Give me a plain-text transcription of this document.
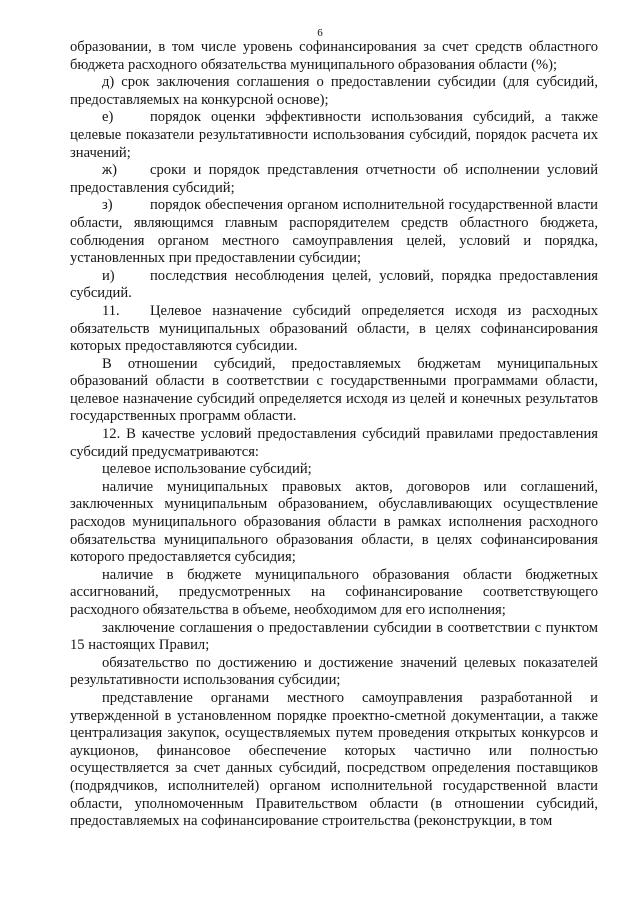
6

образовании, в том числе уровень софинансирования за счет средств областного бюджета расходного обязательства муниципального образования области (%);

д) срок заключения соглашения о предоставлении субсидии (для субсидий, предоставляемых на конкурсной основе);

е)	порядок оценки эффективности использования субсидий, а также целевые показатели результативности использования субсидий, порядок расчета их значений;

ж) сроки и порядок представления отчетности об исполнении условий предоставления субсидий;

з)	порядок обеспечения органом исполнительной государственной власти области, являющимся главным распорядителем средств областного бюджета, соблюдения органом местного самоуправления целей, условий и порядка, установленных при предоставлении субсидии;

и) последствия несоблюдения целей, условий, порядка предоставления субсидий.

11. Целевое назначение субсидий определяется исходя из расходных обязательств муниципальных образований области, в целях софинансирования которых предоставляются субсидии.

В отношении субсидий, предоставляемых бюджетам муниципальных образований области в соответствии с государственными программами области, целевое назначение субсидий определяется исходя из целей и конечных результатов государственных программ области.

12. В качестве условий предоставления субсидий правилами предоставления субсидий предусматриваются:

целевое использование субсидий;

наличие муниципальных правовых актов, договоров или соглашений, заключенных муниципальным образованием, обуславливающих осуществление расходов муниципального образования области в рамках исполнения расходного обязательства муниципального образования области, в целях софинансирования которого предоставляется субсидия;

наличие в бюджете муниципального образования области бюджетных ассигнований, предусмотренных на софинансирование соответствующего расходного обязательства в объеме, необходимом для его исполнения;

заключение соглашения о предоставлении субсидии в соответствии с пунктом 15 настоящих Правил;

обязательство по достижению и достижение значений целевых показателей результативности использования субсидии;

представление органами местного самоуправления разработанной и утвержденной в установленном порядке проектно-сметной документации, а также централизация закупок, осуществляемых путем проведения открытых конкурсов и аукционов, финансовое обеспечение которых частично или полностью осуществляется за счет данных субсидий, посредством определения поставщиков (подрядчиков, исполнителей) органом исполнительной государственной власти области, уполномоченным Правительством области (в отношении субсидий, предоставляемых на софинансирование строительства (реконструкции, в том
